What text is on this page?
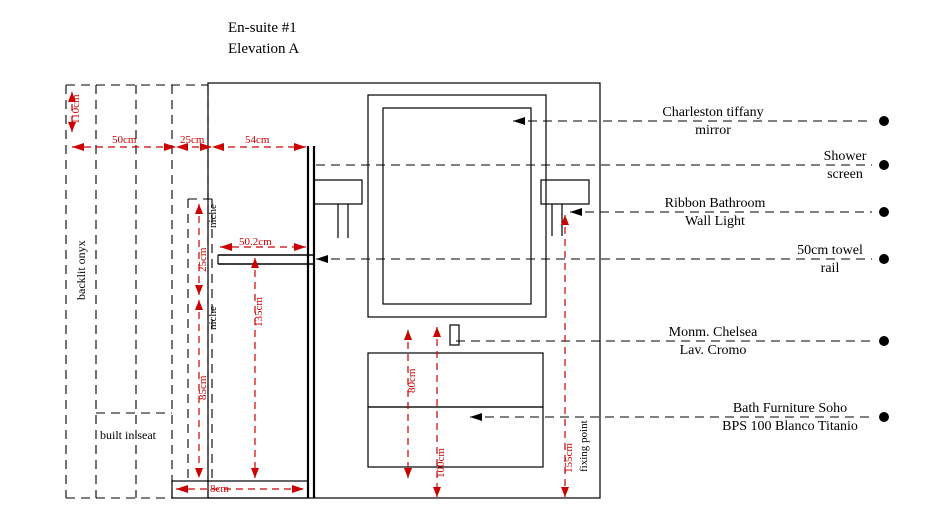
En-suite #1
Elevation A
Charleston tiffany
mirror
Shower
screen
Ribbon Bathroom
Wall Light
50cm towel
rail
Monm. Chelsea
Lav. Cromo
Bath Furniture Soho
BPS 100 Blanco Titanio
110cm
50cm	25cm	54cm
50.2cm
25cm
85cm
135cm
8cm
80cm
100cm	155cm
backlit onyx
built in seat
niche
niche
fixing point
